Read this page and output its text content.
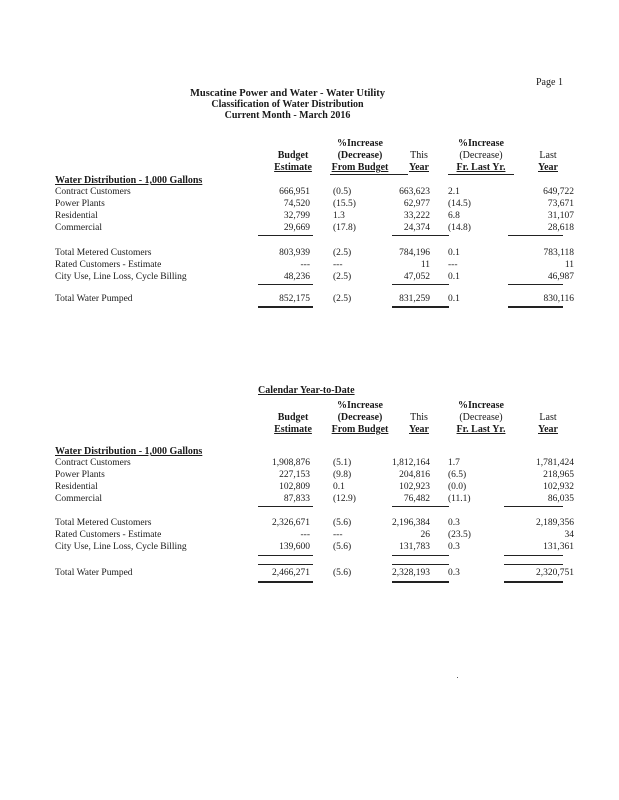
Page 1
Muscatine Power and Water - Water Utility
Classification of Water Distribution
Current Month - March 2016
Budget
Estimate
%Increase
(Decrease)
From Budget
This
Year
%Increase
(Decrease)
Fr. Last Yr.
Last
Year
Water Distribution - 1,000 Gallons
Contract Customers	666,951 (0.5)	663,623 2.1	649,722
Power Plants	74,520 (15.5)	62,977 (14.5)	73,671
Residential	32,799 1.3	33,222 6.8	31,107
Commercial	29,669 (17.8)	24,374 (14.8)	28,618
Total Metered Customers	803,939 (2.5)	784,196 0.1	783,118
Rated Customers - Estimate	--- ---	11 ---	11
City Use, Line Loss, Cycle Billing	48,236 (2.5)	47,052 0.1	46,987
Total Water Pumped	852,175 (2.5)	831,259 0.1	830,116
Calendar Year-to-Date
Budget
Estimate
%Increase
(Decrease)
From Budget
This
Year
%Increase
(Decrease)
Fr. Last Yr.
Last
Year
Water Distribution - 1,000 Gallons
Contract Customers	1,908,876 (5.1)	1,812,164 1.7	1,781,424
Power Plants	227,153 (9.8)	204,816 (6.5)	218,965
Residential	102,809 0.1	102,923 (0.0)	102,932
Commercial	87,833 (12.9)	76,482 (11.1)	86,035
Total Metered Customers	2,326,671 (5.6)	2,196,384 0.3	2,189,356
Rated Customers - Estimate	--- ---	26 (23.5)	34
City Use, Line Loss, Cycle Billing	139,600 (5.6)	131,783 0.3	131,361
Total Water Pumped	2,466,271 (5.6)	2,328,193 0.3	2,320,751
